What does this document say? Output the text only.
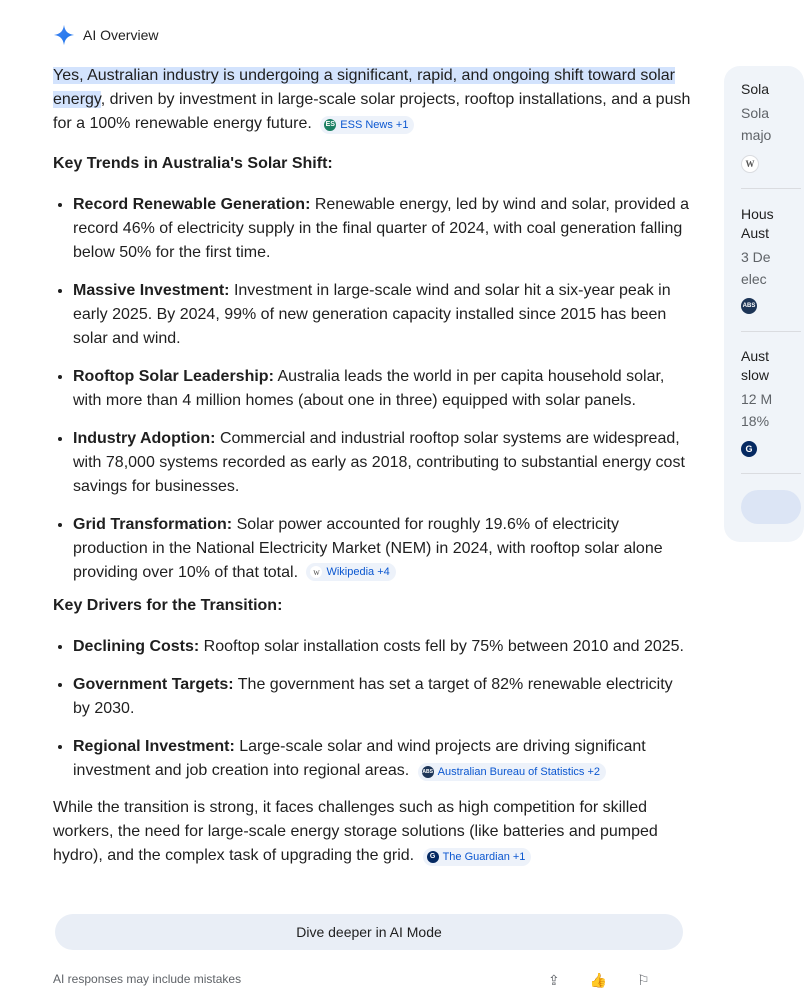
AI Overview

Yes, Australian industry is undergoing a significant, rapid, and ongoing shift toward solar energy, driven by investment in large-scale solar projects, rooftop installations, and a push for a 100% renewable energy future. ES ESS News +1

Key Trends in Australia's Solar Shift:
• Record Renewable Generation: Renewable energy, led by wind and solar, provided a record 46% of electricity supply in the final quarter of 2024, with coal generation falling below 50% for the first time.
• Massive Investment: Investment in large-scale wind and solar hit a six-year peak in early 2025. By 2024, 99% of new generation capacity installed since 2015 has been solar and wind.
• Rooftop Solar Leadership: Australia leads the world in per capita household solar, with more than 4 million homes (about one in three) equipped with solar panels.
• Industry Adoption: Commercial and industrial rooftop solar systems are widespread, with 78,000 systems recorded as early as 2018, contributing to substantial energy cost savings for businesses.
• Grid Transformation: Solar power accounted for roughly 19.6% of electricity production in the National Electricity Market (NEM) in 2024, with rooftop solar alone providing over 10% of that total.	w Wikipedia +4
Key Drivers for the Transition:
• Declining Costs: Rooftop solar installation costs fell by 75% between 2010 and 2025.
• Government Targets: The government has set a target of 82% renewable electricity by 2030.
• Regional Investment: Large-scale solar and wind projects are driving significant investment and job creation into regional areas.	ABS Australian Bureau of Statistics +2

While the transition is strong, it faces challenges such as high competition for skilled workers, the need for large-scale energy storage solutions (like batteries and pumped hydro), and the complex task of upgrading the grid.	G The Guardian +1

Dive deeper in AI Mode
AI responses may include mistakes	⇪ 👍 ⚐
Sola
Sola
majo
W
Hous
Aust
3 De
elec
ABS
Aust
slow
12 M
18%
G
